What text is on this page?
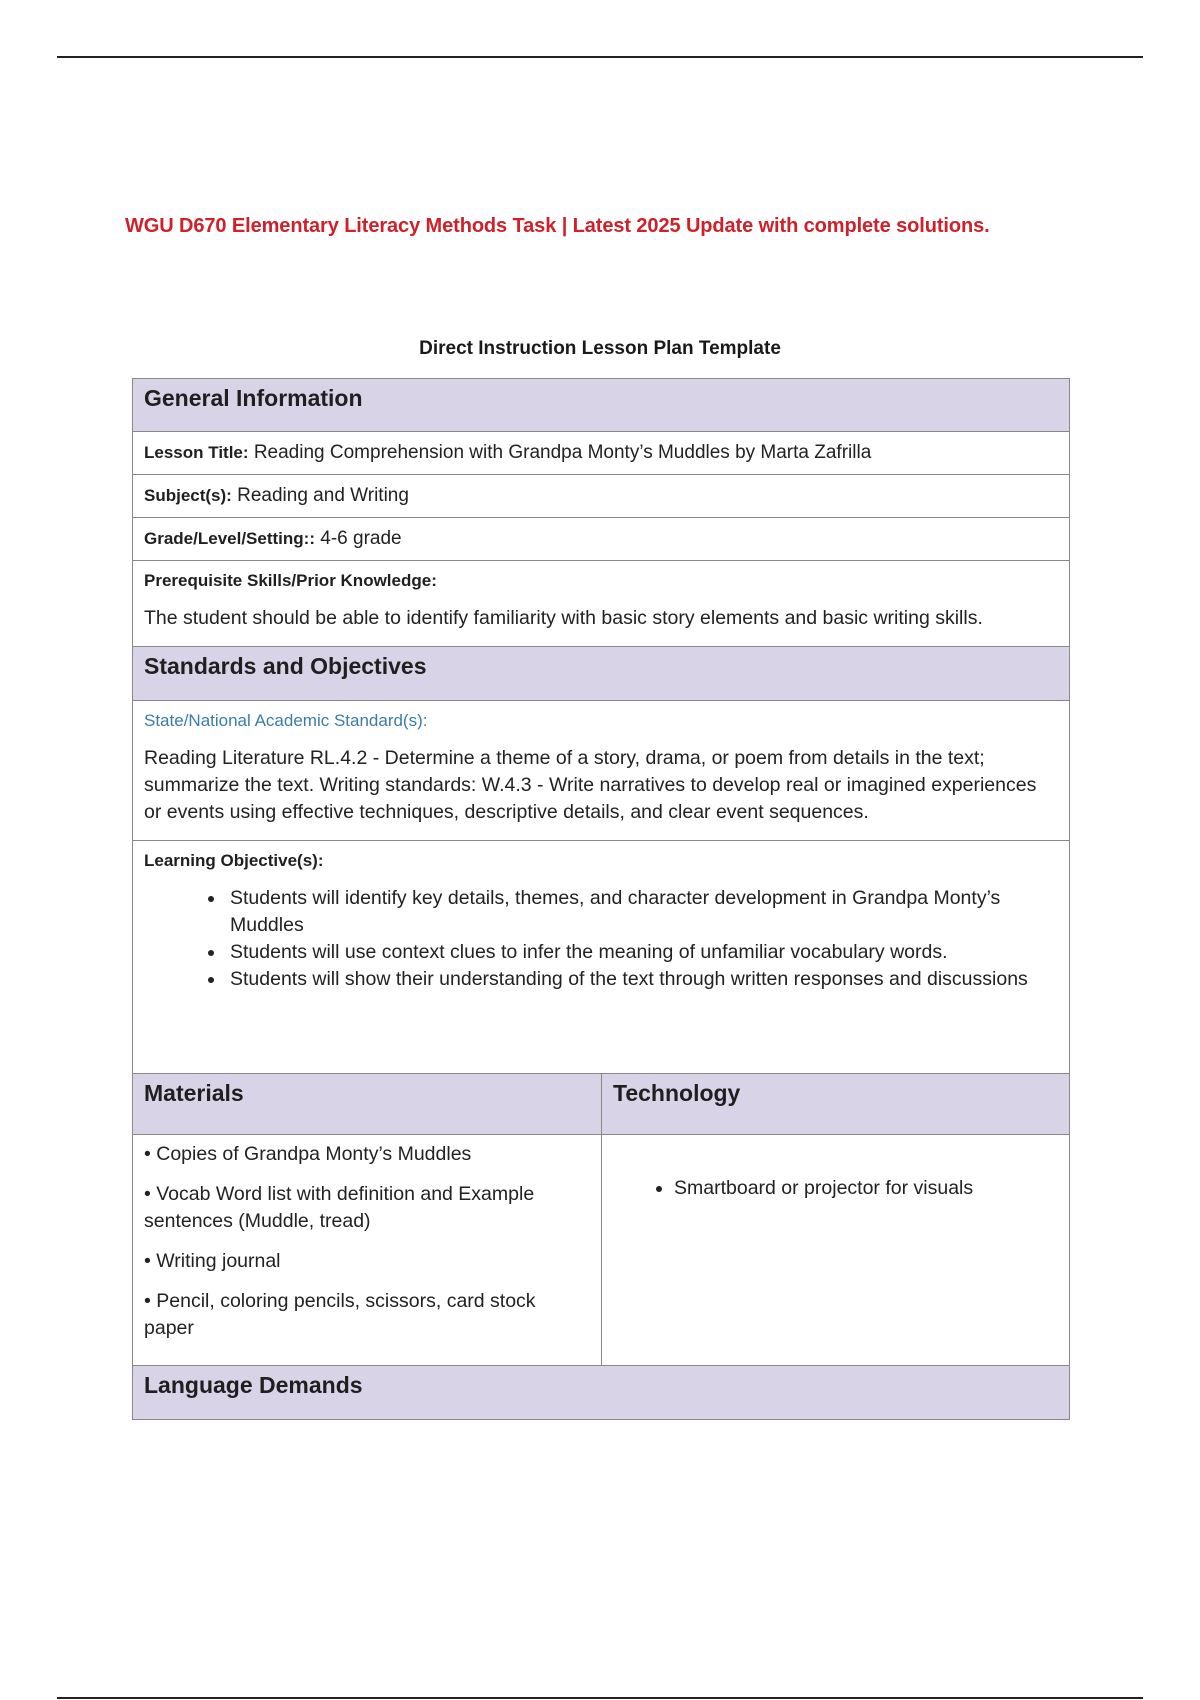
WGU D670 Elementary Literacy Methods Task | Latest 2025 Update with complete solutions.
Direct Instruction Lesson Plan Template
General Information
Lesson Title: Reading Comprehension with Grandpa Monty’s Muddles by Marta Zafrilla
Subject(s): Reading and Writing
Grade/Level/Setting:: 4-6 grade
Prerequisite Skills/Prior Knowledge:
The student should be able to identify familiarity with basic story elements and basic writing skills.
Standards and Objectives
State/National Academic Standard(s):
Reading Literature RL.4.2 - Determine a theme of a story, drama, or poem from details in the text; summarize the text. Writing standards: W.4.3 - Write narratives to develop real or imagined experiences or events using effective techniques, descriptive details, and clear event sequences.
Learning Objective(s):
• Students will identify key details, themes, and character development in Grandpa Monty’s Muddles
• Students will use context clues to infer the meaning of unfamiliar vocabulary words.
• Students will show their understanding of the text through written responses and discussions
Materials
• Copies of Grandpa Monty’s Muddles
• Vocab Word list with definition and Example sentences (Muddle, tread)
• Writing journal
• Pencil, coloring pencils, scissors, card stock paper
Technology
• Smartboard or projector for visuals
Language Demands
